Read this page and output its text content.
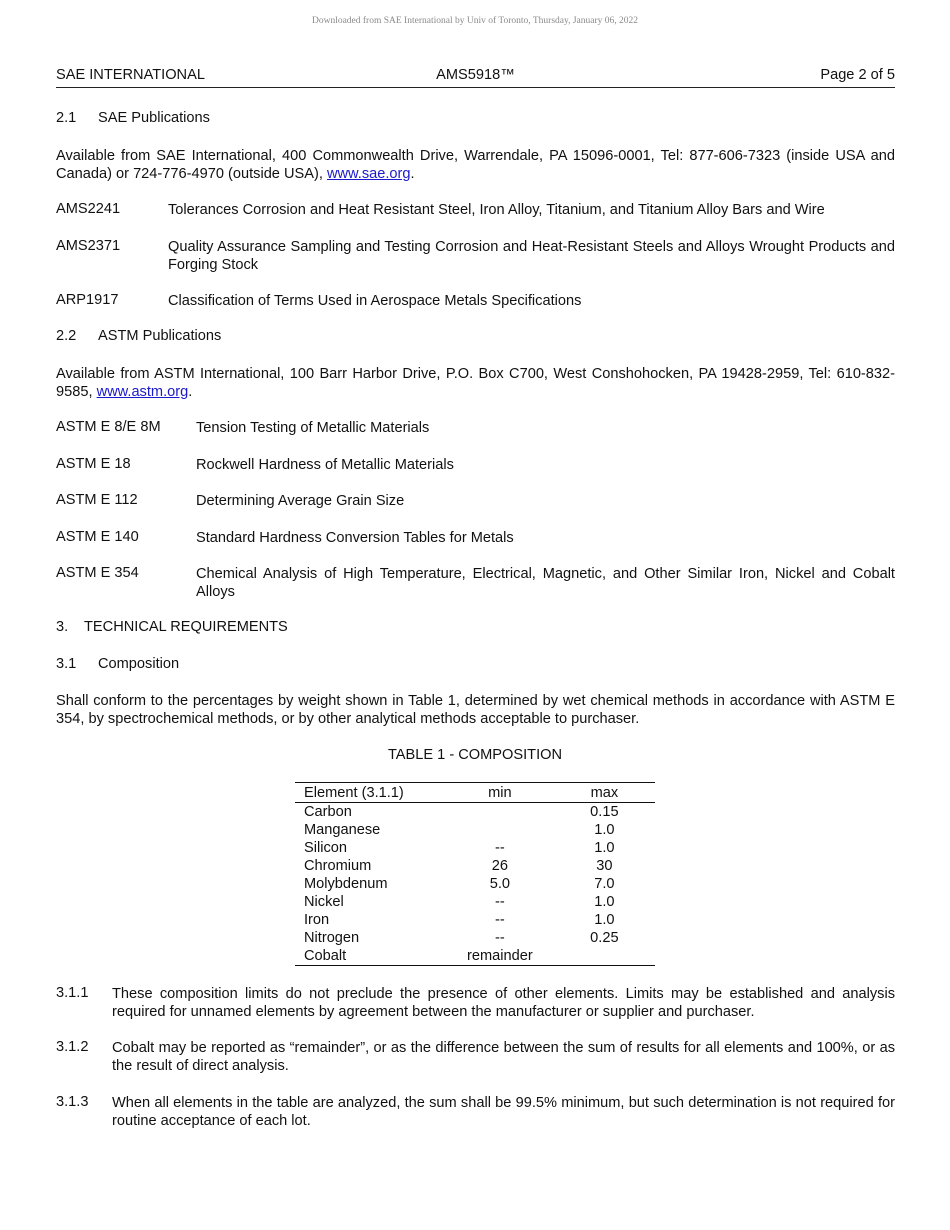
Downloaded from SAE International by Univ of Toronto, Thursday, January 06, 2022
SAE INTERNATIONAL	AMS5918™	Page 2 of 5
2.1 SAE Publications
Available from SAE International, 400 Commonwealth Drive, Warrendale, PA 15096-0001, Tel: 877-606-7323 (inside USA and Canada) or 724-776-4970 (outside USA), www.sae.org.
AMS2241	Tolerances Corrosion and Heat Resistant Steel, Iron Alloy, Titanium, and Titanium Alloy Bars and Wire
AMS2371	Quality Assurance Sampling and Testing Corrosion and Heat-Resistant Steels and Alloys Wrought Products and Forging Stock
ARP1917	Classification of Terms Used in Aerospace Metals Specifications
2.2 ASTM Publications
Available from ASTM International, 100 Barr Harbor Drive, P.O. Box C700, West Conshohocken, PA 19428-2959, Tel: 610-832-9585, www.astm.org.
ASTM E 8/E 8M Tension Testing of Metallic Materials
ASTM E 18	Rockwell Hardness of Metallic Materials
ASTM E 112	Determining Average Grain Size
ASTM E 140	Standard Hardness Conversion Tables for Metals
ASTM E 354	Chemical Analysis of High Temperature, Electrical, Magnetic, and Other Similar Iron, Nickel and Cobalt Alloys
3. TECHNICAL REQUIREMENTS
3.1 Composition
Shall conform to the percentages by weight shown in Table 1, determined by wet chemical methods in accordance with ASTM E 354, by spectrochemical methods, or by other analytical methods acceptable to purchaser.
TABLE 1 - COMPOSITION
Element (3.1.1)	min	max
Carbon		0.15
Manganese		1.0
Silicon	--	1.0
Chromium	26	30
Molybdenum	5.0	7.0
Nickel	--	1.0
Iron	--	1.0
Nitrogen	--	0.25
Cobalt	remainder	
3.1.1 These composition limits do not preclude the presence of other elements. Limits may be established and analysis required for unnamed elements by agreement between the manufacturer or supplier and purchaser.
3.1.2 Cobalt may be reported as “remainder”, or as the difference between the sum of results for all elements and 100%, or as the result of direct analysis.
3.1.3 When all elements in the table are analyzed, the sum shall be 99.5% minimum, but such determination is not required for routine acceptance of each lot.
